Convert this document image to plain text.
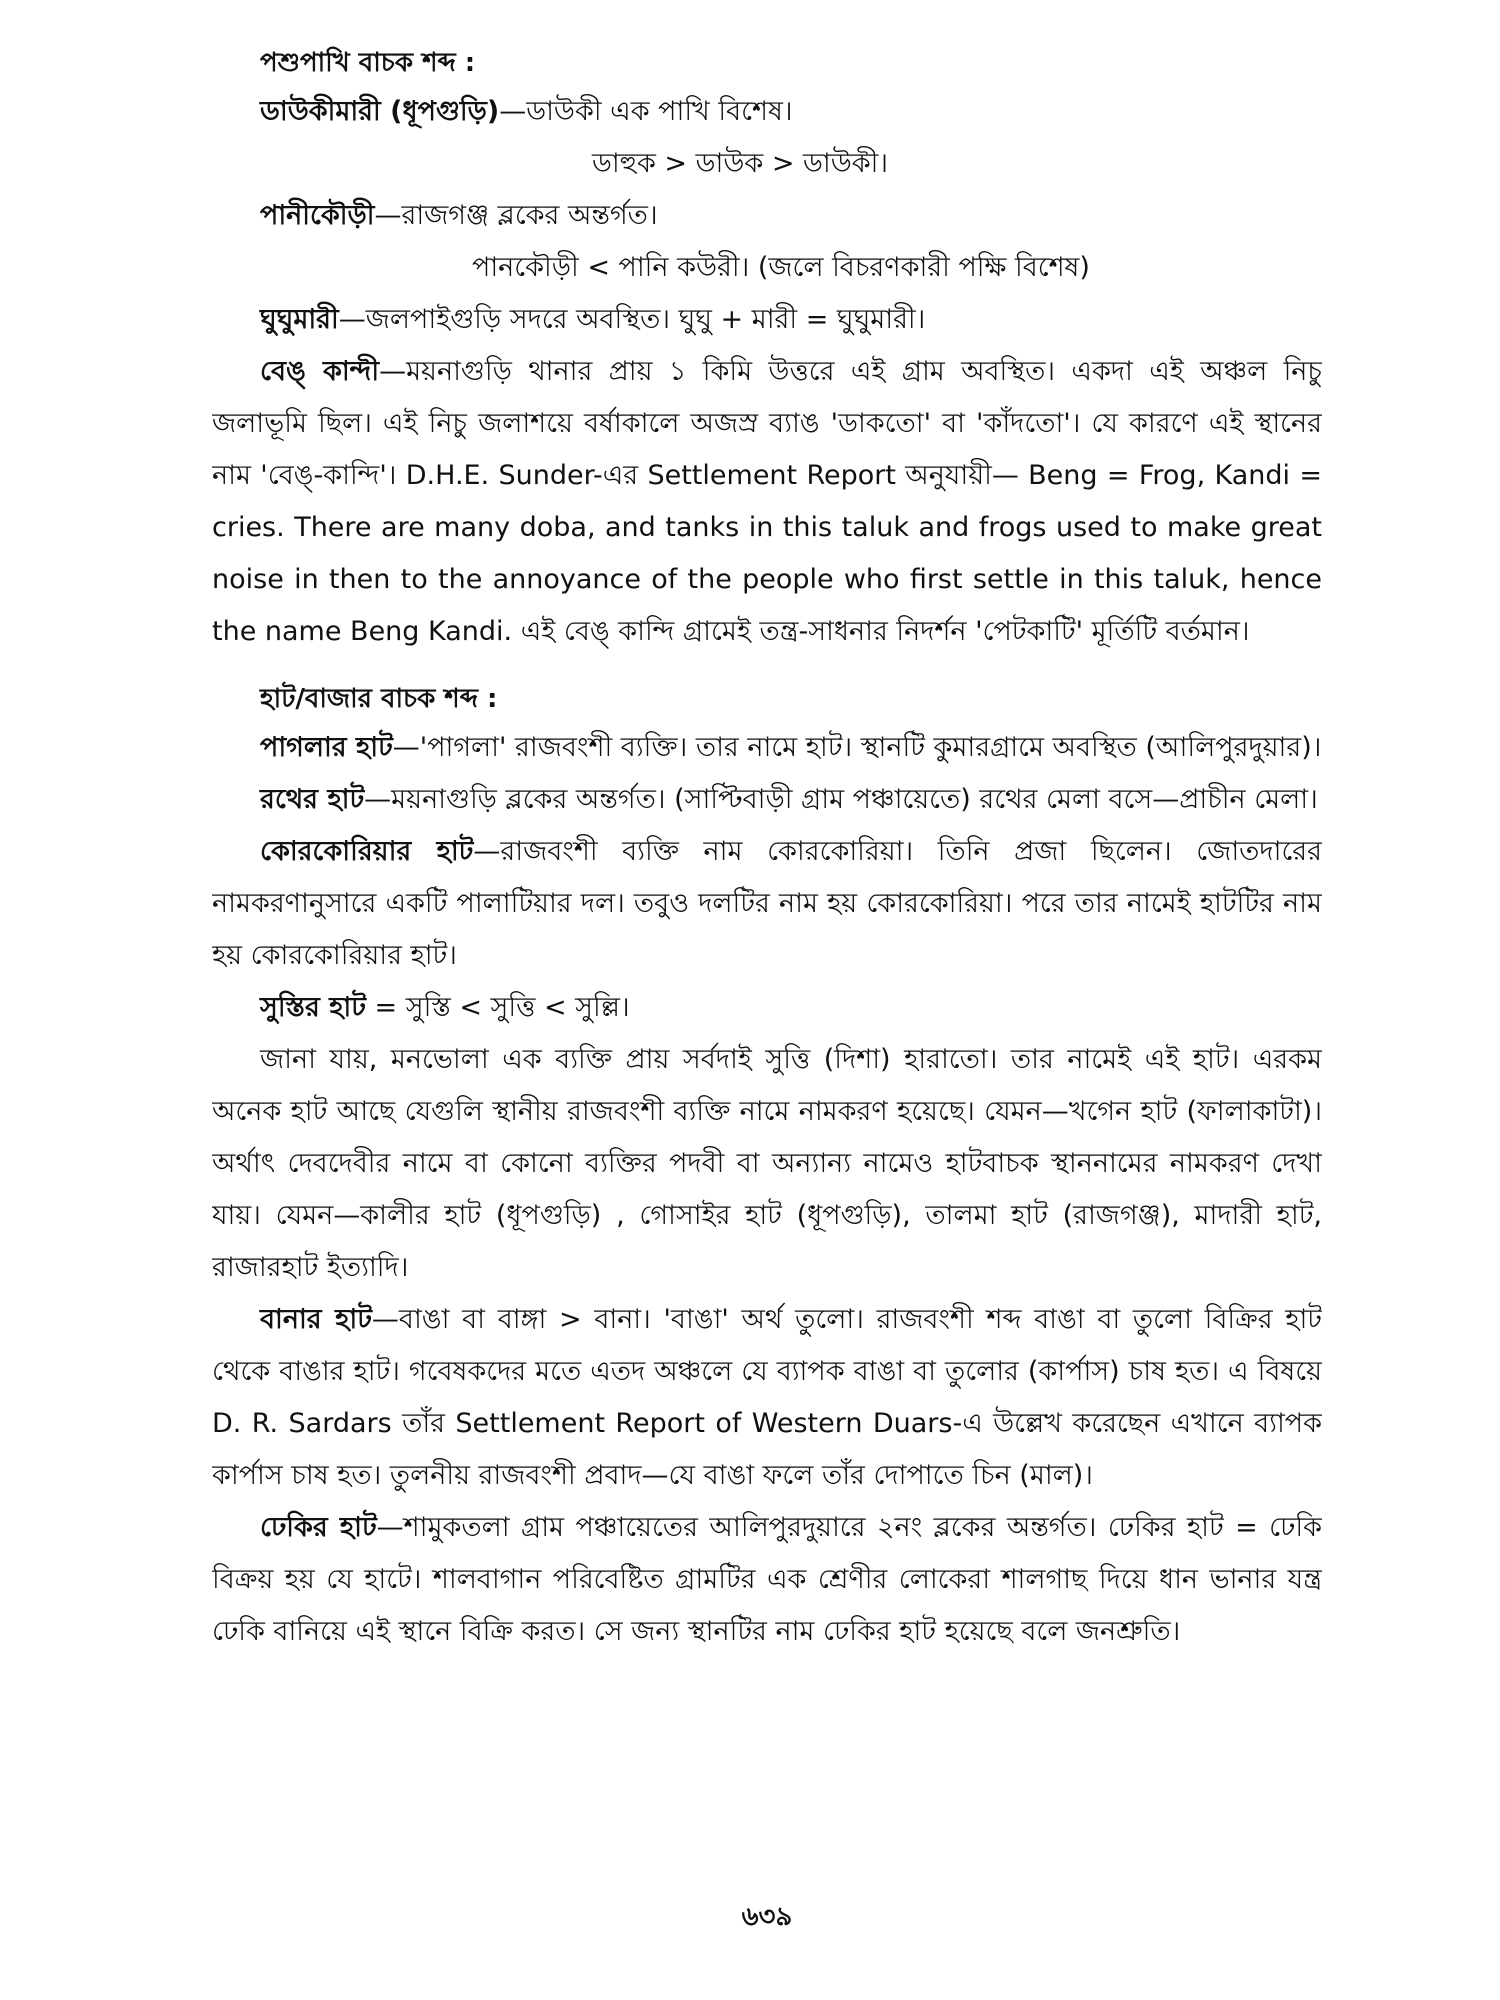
পশুপাখি বাচক শব্দ :

ডাউকীমারী (ধূপগুড়ি)—ডাউকী এক পাখি বিশেষ।

ডাহুক > ডাউক > ডাউকী।

পানীকৌড়ী—রাজগঞ্জ ব্লকের অন্তর্গত।

পানকৌড়ী < পানি কউরী। (জলে বিচরণকারী পক্ষি বিশেষ)

ঘুঘুমারী—জলপাইগুড়ি সদরে অবস্থিত। ঘুঘু + মারী = ঘুঘুমারী।

বেঙ্ কান্দী—ময়নাগুড়ি থানার প্রায় ১ কিমি উত্তরে এই গ্রাম অবস্থিত। একদা এই অঞ্চল নিচু জলাভূমি ছিল। এই নিচু জলাশয়ে বর্ষাকালে অজস্র ব্যাঙ 'ডাকতো' বা 'কাঁদতো'। যে কারণে এই স্থানের নাম 'বেঙ্-কান্দি'। D.H.E. Sunder-এর Settlement Report অনুযায়ী— Beng = Frog, Kandi = cries. There are many doba, and tanks in this taluk and frogs used to make great noise in then to the annoyance of the people who first settle in this taluk, hence the name Beng Kandi. এই বেঙ্ কান্দি গ্রামেই তন্ত্র-সাধনার নিদর্শন 'পেটকাটি' মূর্তিটি বর্তমান।

হাট/বাজার বাচক শব্দ :

পাগলার হাট—'পাগলা' রাজবংশী ব্যক্তি। তার নামে হাট। স্থানটি কুমারগ্রামে অবস্থিত (আলিপুরদুয়ার)।

রথের হাট—ময়নাগুড়ি ব্লকের অন্তর্গত। (সাপ্টিবাড়ী গ্রাম পঞ্চায়েতে) রথের মেলা বসে—প্রাচীন মেলা।

কোরকোরিয়ার হাট—রাজবংশী ব্যক্তি নাম কোরকোরিয়া। তিনি প্রজা ছিলেন। জোতদারের নামকরণানুসারে একটি পালাটিয়ার দল। তবুও দলটির নাম হয় কোরকোরিয়া। পরে তার নামেই হাটটির নাম হয় কোরকোরিয়ার হাট।

সুস্তির হাট = সুস্তি < সুত্তি < সুল্লি।

জানা যায়, মনভোলা এক ব্যক্তি প্রায় সর্বদাই সুত্তি (দিশা) হারাতো। তার নামেই এই হাট। এরকম অনেক হাট আছে যেগুলি স্থানীয় রাজবংশী ব্যক্তি নামে নামকরণ হয়েছে। যেমন—খগেন হাট (ফালাকাটা)। অর্থাৎ দেবদেবীর নামে বা কোনো ব্যক্তির পদবী বা অন্যান্য নামেও হাটবাচক স্থাননামের নামকরণ দেখা যায়। যেমন—কালীর হাট (ধূপগুড়ি) , গোসাইর হাট (ধূপগুড়ি), তালমা হাট (রাজগঞ্জ), মাদারী হাট, রাজারহাট ইত্যাদি।

বানার হাট—বাঙা বা বাঙ্গা > বানা। 'বাঙা' অর্থ তুলো। রাজবংশী শব্দ বাঙা বা তুলো বিক্রির হাট থেকে বাঙার হাট। গবেষকদের মতে এতদ অঞ্চলে যে ব্যাপক বাঙা বা তুলোর (কার্পাস) চাষ হত। এ বিষয়ে D. R. Sardars তাঁর Settlement Report of Western Duars-এ উল্লেখ করেছেন এখানে ব্যাপক কার্পাস চাষ হত। তুলনীয় রাজবংশী প্রবাদ—যে বাঙা ফলে তাঁর দোপাতে চিন (মাল)।

ঢেকির হাট—শামুকতলা গ্রাম পঞ্চায়েতের আলিপুরদুয়ারে ২নং ব্লকের অন্তর্গত। ঢেকির হাট = ঢেকি বিক্রয় হয় যে হাটে। শালবাগান পরিবেষ্টিত গ্রামটির এক শ্রেণীর লোকেরা শালগাছ দিয়ে ধান ভানার যন্ত্র ঢেকি বানিয়ে এই স্থানে বিক্রি করত। সে জন্য স্থানটির নাম ঢেকির হাট হয়েছে বলে জনশ্রুতি।

৬৩৯
